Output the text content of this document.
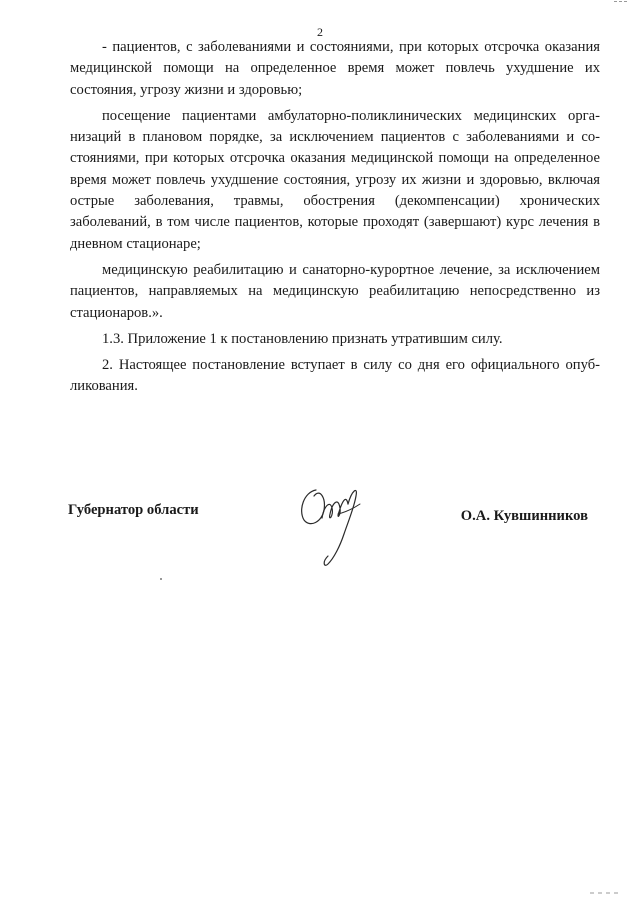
2

- пациентов, с заболеваниями и состояниями, при которых отсрочка оказания медицинской помощи на определенное время может повлечь ухудшение их состояния, угрозу жизни и здоровью;

посещение пациентами амбулаторно-поликлинических медицинских организаций в плановом порядке, за исключением пациентов с заболеваниями и состояниями, при которых отсрочка оказания медицинской помощи на определенное время может повлечь ухудшение состояния, угрозу их жизни и здоровью, включая острые заболевания, травмы, обострения (декомпенсации) хронических заболеваний, в том числе пациентов, которые проходят (завершают) курс лечения в дневном стационаре;

медицинскую реабилитацию и санаторно-курортное лечение, за исключением пациентов, направляемых на медицинскую реабилитацию непосредственно из стационаров.».

1.3. Приложение 1 к постановлению признать утратившим силу.

2. Настоящее постановление вступает в силу со дня его официального опубликования.

Губернатор области	О.А. Кувшинников
